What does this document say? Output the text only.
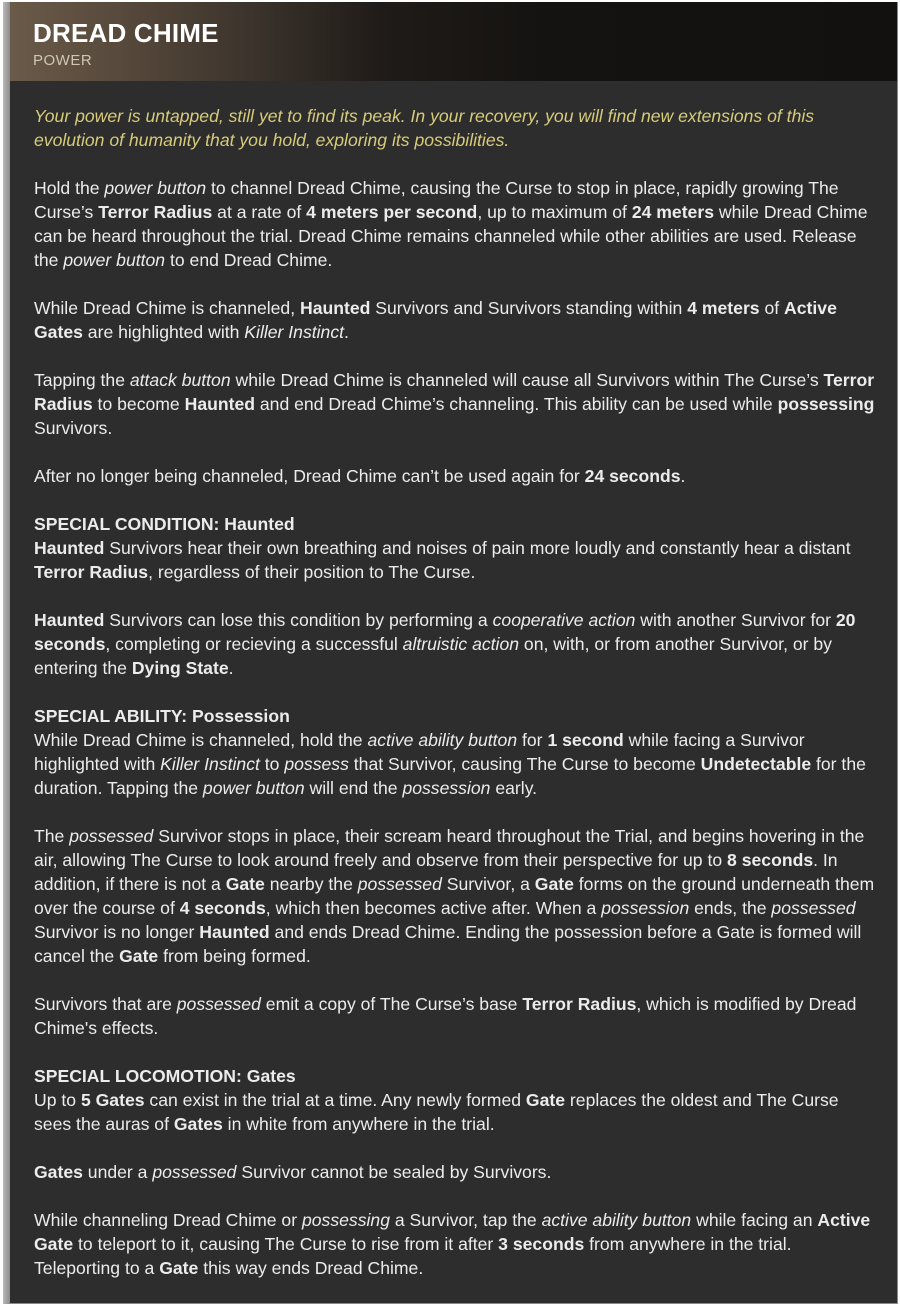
DREAD CHIME
POWER

Your power is untapped, still yet to find its peak. In your recovery, you will find new extensions of this evolution of humanity that you hold, exploring its possibilities.

Hold the power button to channel Dread Chime, causing the Curse to stop in place, rapidly growing The Curse’s Terror Radius at a rate of 4 meters per second, up to maximum of 24 meters while Dread Chime can be heard throughout the trial. Dread Chime remains channeled while other abilities are used. Release the power button to end Dread Chime.

While Dread Chime is channeled, Haunted Survivors and Survivors standing within 4 meters of Active Gates are highlighted with Killer Instinct.

Tapping the attack button while Dread Chime is channeled will cause all Survivors within The Curse’s Terror Radius to become Haunted and end Dread Chime’s channeling. This ability can be used while possessing Survivors.

After no longer being channeled, Dread Chime can’t be used again for 24 seconds.

SPECIAL CONDITION: Haunted
Haunted Survivors hear their own breathing and noises of pain more loudly and constantly hear a distant Terror Radius, regardless of their position to The Curse.

Haunted Survivors can lose this condition by performing a cooperative action with another Survivor for 20 seconds, completing or recieving a successful altruistic action on, with, or from another Survivor, or by entering the Dying State.

SPECIAL ABILITY: Possession
While Dread Chime is channeled, hold the active ability button for 1 second while facing a Survivor highlighted with Killer Instinct to possess that Survivor, causing The Curse to become Undetectable for the duration. Tapping the power button will end the possession early.

The possessed Survivor stops in place, their scream heard throughout the Trial, and begins hovering in the air, allowing The Curse to look around freely and observe from their perspective for up to 8 seconds. In addition, if there is not a Gate nearby the possessed Survivor, a Gate forms on the ground underneath them over the course of 4 seconds, which then becomes active after. When a possession ends, the possessed Survivor is no longer Haunted and ends Dread Chime. Ending the possession before a Gate is formed will cancel the Gate from being formed.

Survivors that are possessed emit a copy of The Curse’s base Terror Radius, which is modified by Dread Chime's effects.

SPECIAL LOCOMOTION: Gates
Up to 5 Gates can exist in the trial at a time. Any newly formed Gate replaces the oldest and The Curse sees the auras of Gates in white from anywhere in the trial.

Gates under a possessed Survivor cannot be sealed by Survivors.

While channeling Dread Chime or possessing a Survivor, tap the active ability button while facing an Active Gate to teleport to it, causing The Curse to rise from it after 3 seconds from anywhere in the trial. Teleporting to a Gate this way ends Dread Chime.
